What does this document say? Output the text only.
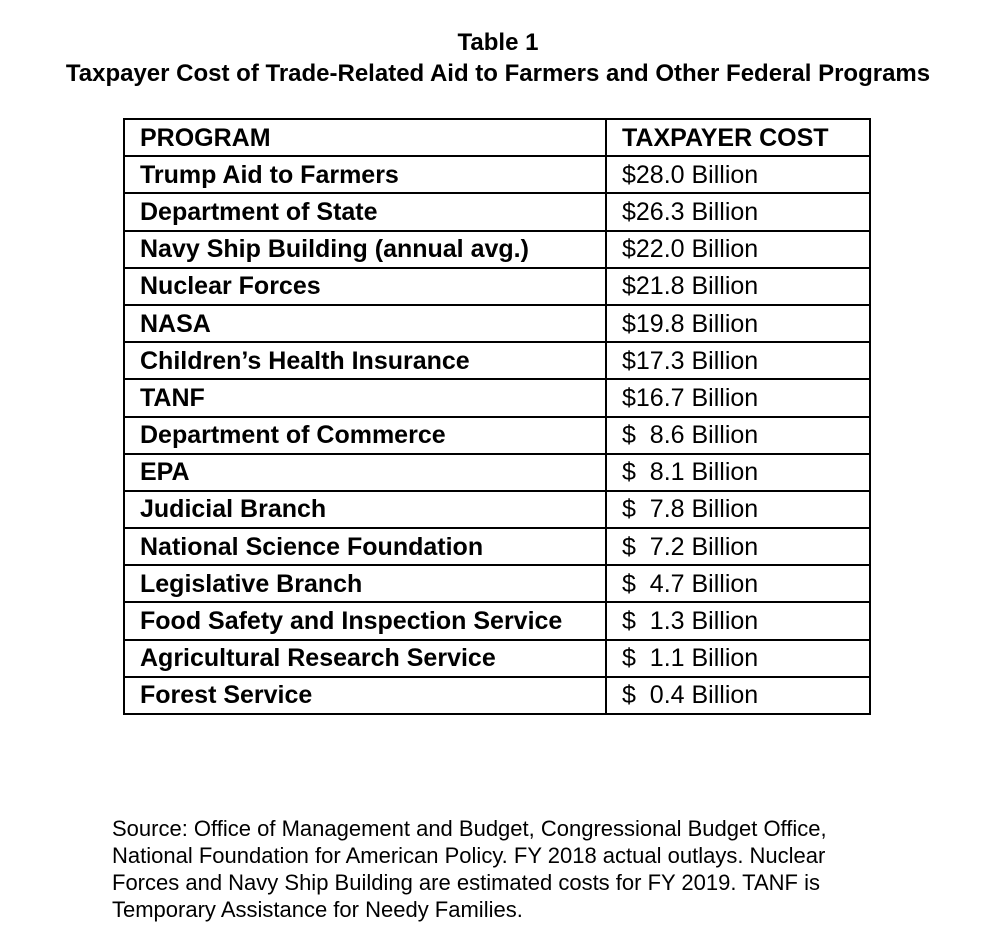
Table 1
Taxpayer Cost of Trade-Related Aid to Farmers and Other Federal Programs
PROGRAM	TAXPAYER COST
Trump Aid to Farmers	$28.0 Billion
Department of State	$26.3 Billion
Navy Ship Building (annual avg.)	$22.0 Billion
Nuclear Forces	$21.8 Billion
NASA	$19.8 Billion
Children’s Health Insurance	$17.3 Billion
TANF	$16.7 Billion
Department of Commerce	$  8.6 Billion
EPA	$  8.1 Billion
Judicial Branch	$  7.8 Billion
National Science Foundation	$  7.2 Billion
Legislative Branch	$  4.7 Billion
Food Safety and Inspection Service	$  1.3 Billion
Agricultural Research Service	$  1.1 Billion
Forest Service	$  0.4 Billion
Source: Office of Management and Budget, Congressional Budget Office,
National Foundation for American Policy. FY 2018 actual outlays. Nuclear
Forces and Navy Ship Building are estimated costs for FY 2019. TANF is
Temporary Assistance for Needy Families.
